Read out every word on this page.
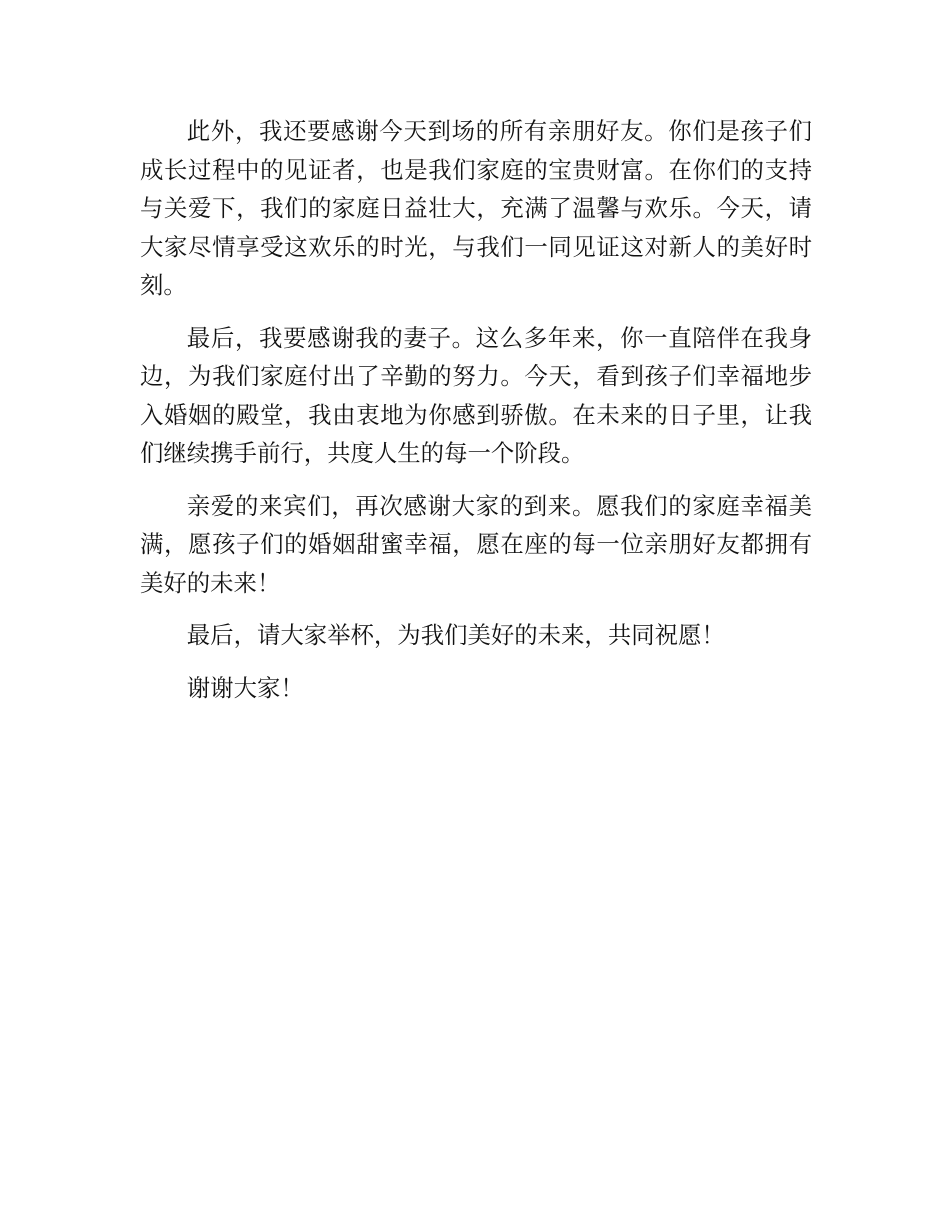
此外，我还要感谢今天到场的所有亲朋好友。你们是孩子们成长过程中的见证者，也是我们家庭的宝贵财富。在你们的支持与关爱下，我们的家庭日益壮大，充满了温馨与欢乐。今天，请大家尽情享受这欢乐的时光，与我们一同见证这对新人的美好时刻。

最后，我要感谢我的妻子。这么多年来，你一直陪伴在我身边，为我们家庭付出了辛勤的努力。今天，看到孩子们幸福地步入婚姻的殿堂，我由衷地为你感到骄傲。在未来的日子里，让我们继续携手前行，共度人生的每一个阶段。

亲爱的来宾们，再次感谢大家的到来。愿我们的家庭幸福美满，愿孩子们的婚姻甜蜜幸福，愿在座的每一位亲朋好友都拥有美好的未来！

最后，请大家举杯，为我们美好的未来，共同祝愿！

谢谢大家！
